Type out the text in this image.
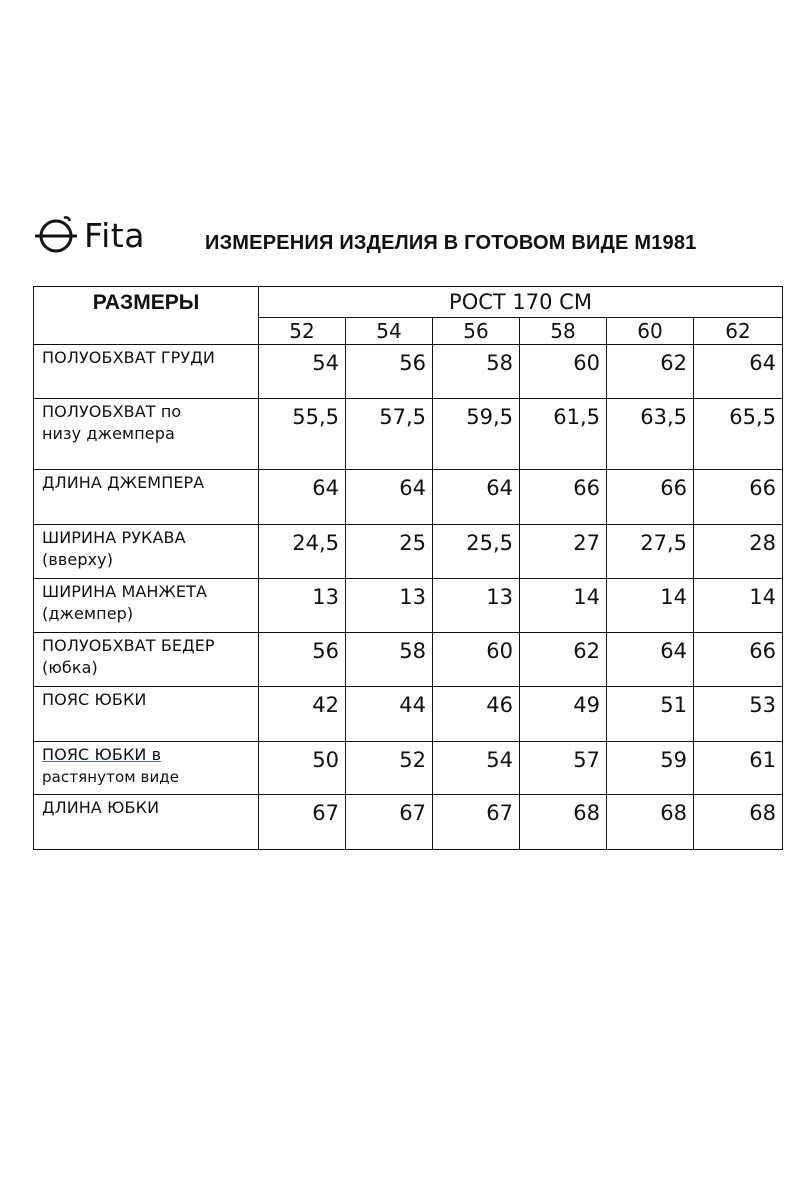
Fita	ИЗМЕРЕНИЯ ИЗДЕЛИЯ В ГОТОВОМ ВИДЕ М1981
РАЗМЕРЫ	РОСТ 170 СМ					
	52	54	56	58	60	62
ПОЛУОБХВАТ ГРУДИ	54	56	58	60	62	64
ПОЛУОБХВАТ по
низу джемпера	55,5	57,5	59,5	61,5	63,5	65,5
ДЛИНА ДЖЕМПЕРА	64	64	64	66	66	66
ШИРИНА РУКАВА
(вверху)	24,5	25	25,5	27	27,5	28
ШИРИНА МАНЖЕТА
(джемпер)	13	13	13	14	14	14
ПОЛУОБХВАТ БЕДЕР
(юбка)	56	58	60	62	64	66
ПОЯС ЮБКИ	42	44	46	49	51	53
ПОЯС ЮБКИ в
растянутом виде	50	52	54	57	59	61
ДЛИНА ЮБКИ	67	67	67	68	68	68
